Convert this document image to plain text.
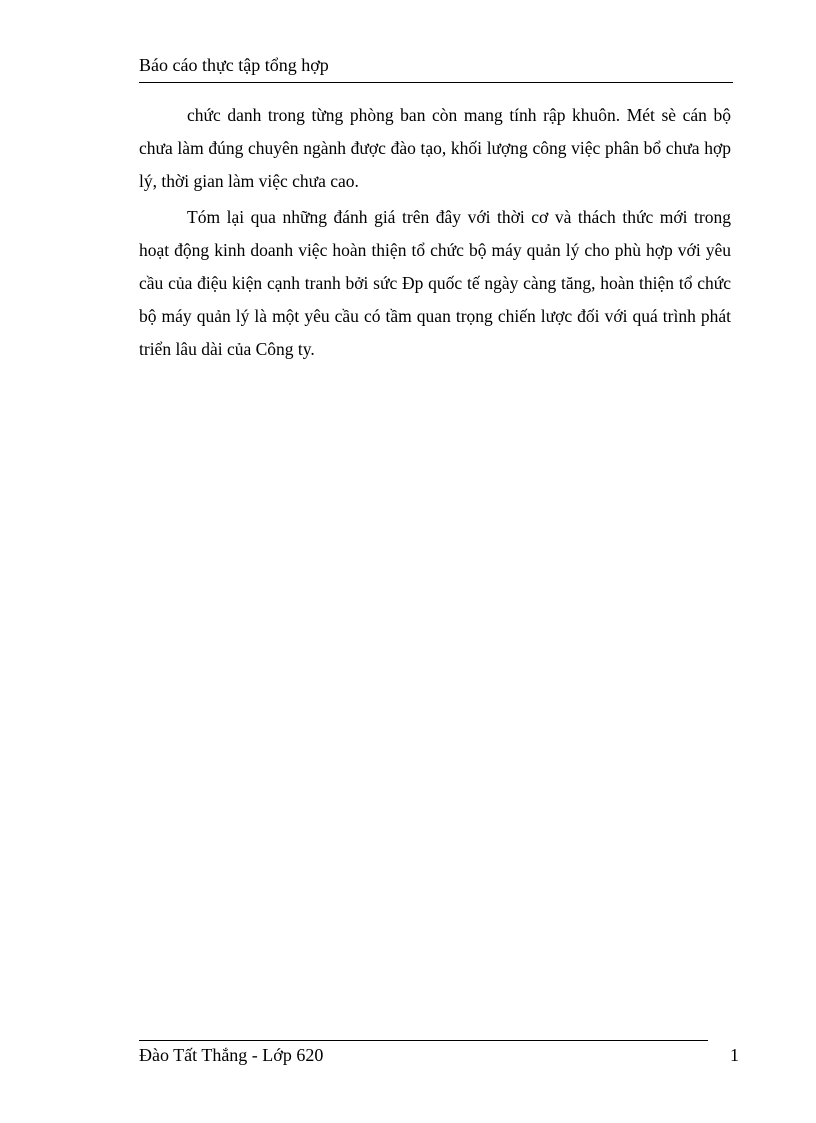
Báo cáo thực tập tổng hợp

chức danh trong từng phòng ban còn mang tính rập khuôn. Mét sè cán bộ chưa làm đúng chuyên ngành được đào tạo, khối lượng công việc phân bổ chưa hợp lý, thời gian làm việc chưa cao.

Tóm lại qua những đánh giá trên đây với thời cơ và thách thức mới trong hoạt động kinh doanh việc hoàn thiện tổ chức bộ máy quản lý cho phù hợp với yêu cầu của điệu kiện cạnh tranh bởi sức Đp quốc tế ngày càng tăng, hoàn thiện tổ chức bộ máy quản lý là một yêu cầu có tầm quan trọng chiến lược đối với quá trình phát triển lâu dài của Công ty.

Đào Tất Thắng - Lớp 620	1
